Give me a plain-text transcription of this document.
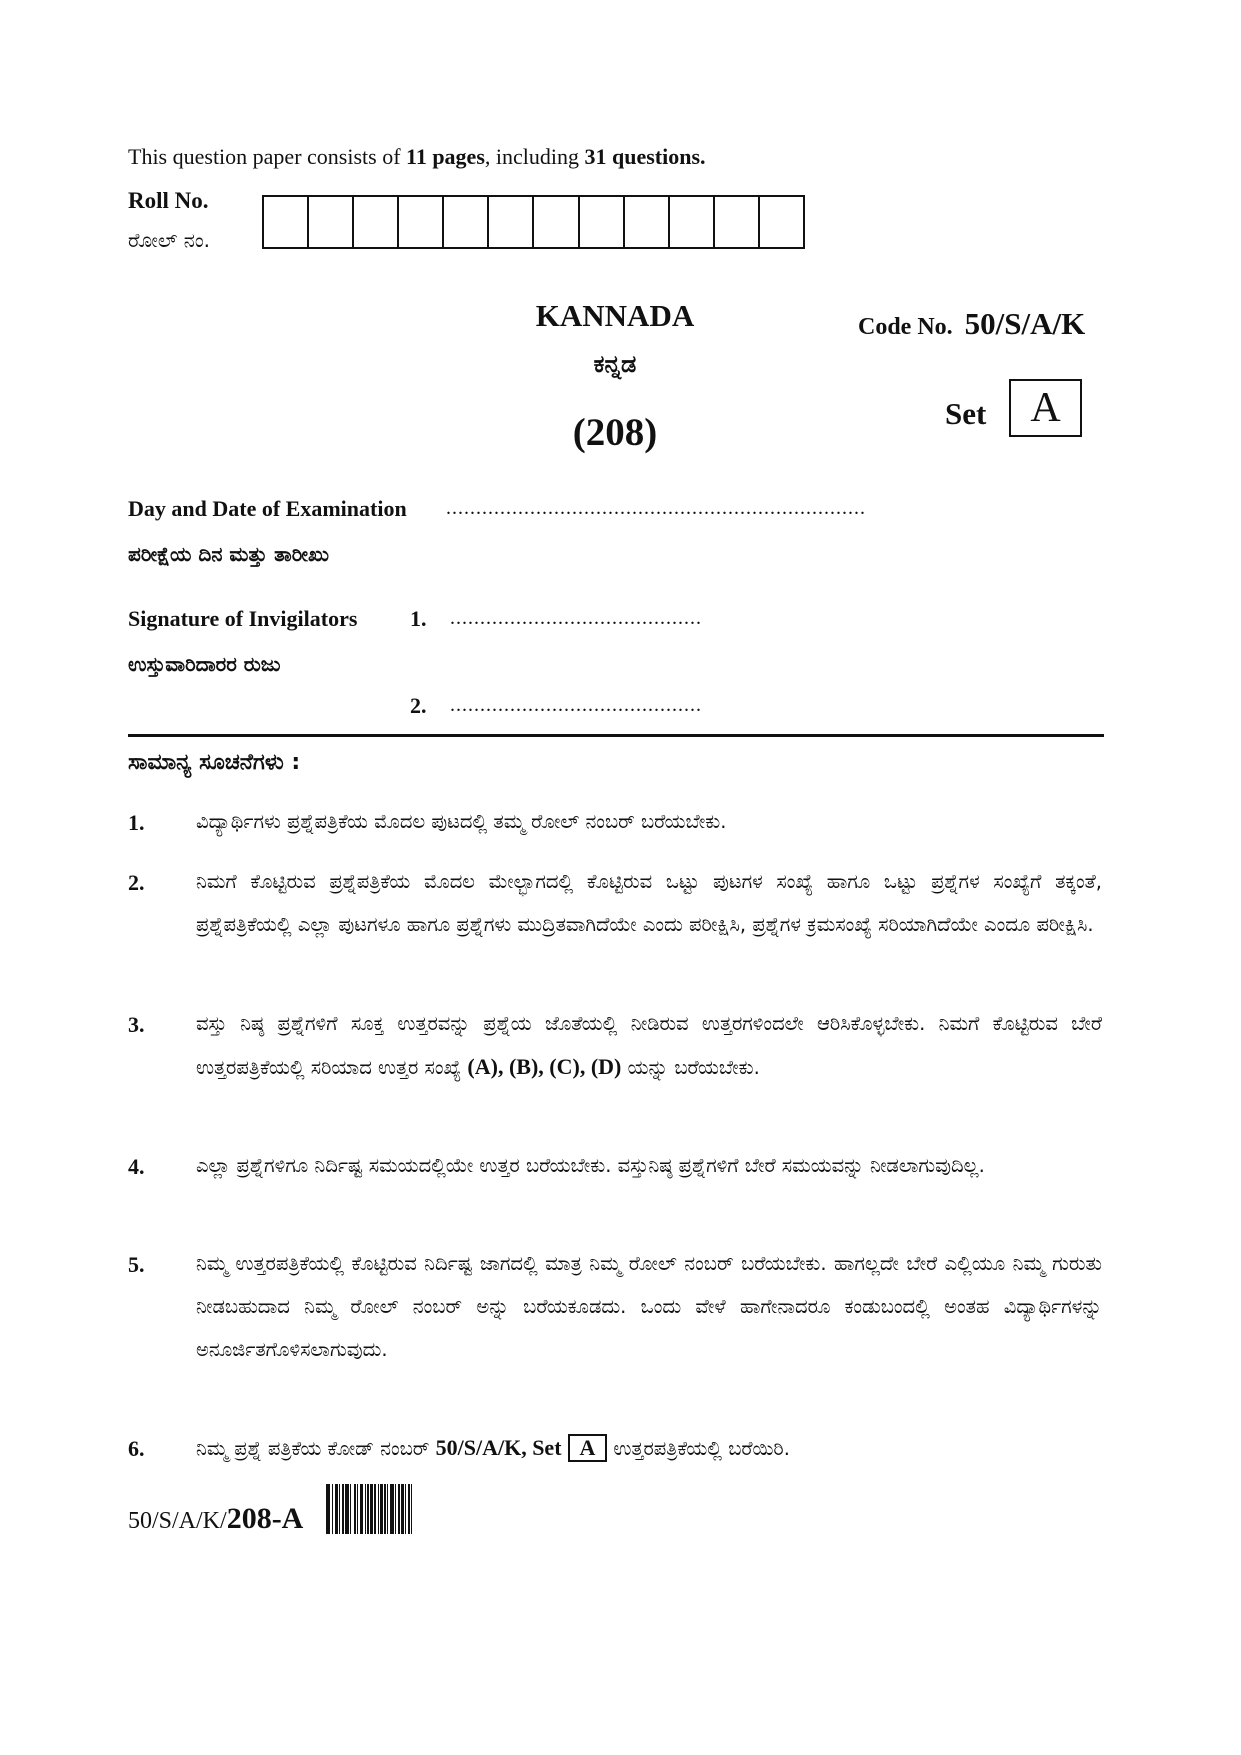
This question paper consists of 11 pages, including 31 questions.
Roll No.
ರೋಲ್ ನಂ.
KANNADA
ಕನ್ನಡ
(208)
Code No. 50/S/A/K
Set	A
Day and Date of Examination ......................................................................
ಪರೀಕ್ಷೆಯ ದಿನ ಮತ್ತು ತಾರೀಖು
Signature of Invigilators 1. ..........................................
ಉಸ್ತುವಾರಿದಾರರ ರುಜು
2. ..........................................
ಸಾಮಾನ್ಯ ಸೂಚನೆಗಳು :
1.	ವಿದ್ಯಾರ್ಥಿಗಳು ಪ್ರಶ್ನೆಪತ್ರಿಕೆಯ ಮೊದಲ ಪುಟದಲ್ಲಿ ತಮ್ಮ ರೋಲ್ ನಂಬರ್ ಬರೆಯಬೇಕು.
2.	ನಿಮಗೆ ಕೊಟ್ಟಿರುವ ಪ್ರಶ್ನೆಪತ್ರಿಕೆಯ ಮೊದಲ ಮೇಲ್ಭಾಗದಲ್ಲಿ ಕೊಟ್ಟಿರುವ ಒಟ್ಟು ಪುಟಗಳ ಸಂಖ್ಯೆ ಹಾಗೂ ಒಟ್ಟು ಪ್ರಶ್ನೆಗಳ ಸಂಖ್ಯೆಗೆ ತಕ್ಕಂತೆ, ಪ್ರಶ್ನೆಪತ್ರಿಕೆಯಲ್ಲಿ ಎಲ್ಲಾ ಪುಟಗಳೂ ಹಾಗೂ ಪ್ರಶ್ನೆಗಳು ಮುದ್ರಿತವಾಗಿದೆಯೇ ಎಂದು ಪರೀಕ್ಷಿಸಿ, ಪ್ರಶ್ನೆಗಳ ಕ್ರಮಸಂಖ್ಯೆ ಸರಿಯಾಗಿದೆಯೇ ಎಂದೂ ಪರೀಕ್ಷಿಸಿ.
3.	ವಸ್ತು ನಿಷ್ಠ ಪ್ರಶ್ನೆಗಳಿಗೆ ಸೂಕ್ತ ಉತ್ತರವನ್ನು ಪ್ರಶ್ನೆಯ ಜೊತೆಯಲ್ಲಿ ನೀಡಿರುವ ಉತ್ತರಗಳಿಂದಲೇ ಆರಿಸಿಕೊಳ್ಳಬೇಕು. ನಿಮಗೆ ಕೊಟ್ಟಿರುವ ಬೇರೆ ಉತ್ತರಪತ್ರಿಕೆಯಲ್ಲಿ ಸರಿಯಾದ ಉತ್ತರ ಸಂಖ್ಯೆ (A), (B), (C), (D) ಯನ್ನು ಬರೆಯಬೇಕು.
4.	ಎಲ್ಲಾ ಪ್ರಶ್ನೆಗಳಿಗೂ ನಿರ್ದಿಷ್ಟ ಸಮಯದಲ್ಲಿಯೇ ಉತ್ತರ ಬರೆಯಬೇಕು. ವಸ್ತುನಿಷ್ಠ ಪ್ರಶ್ನೆಗಳಿಗೆ ಬೇರೆ ಸಮಯವನ್ನು ನೀಡಲಾಗುವುದಿಲ್ಲ.
5.	ನಿಮ್ಮ ಉತ್ತರಪತ್ರಿಕೆಯಲ್ಲಿ ಕೊಟ್ಟಿರುವ ನಿರ್ದಿಷ್ಟ ಜಾಗದಲ್ಲಿ ಮಾತ್ರ ನಿಮ್ಮ ರೋಲ್ ನಂಬರ್ ಬರೆಯಬೇಕು. ಹಾಗಲ್ಲದೇ ಬೇರೆ ಎಲ್ಲಿಯೂ ನಿಮ್ಮ ಗುರುತು ನೀಡಬಹುದಾದ ನಿಮ್ಮ ರೋಲ್ ನಂಬರ್ ಅನ್ನು ಬರೆಯಕೂಡದು. ಒಂದು ವೇಳೆ ಹಾಗೇನಾದರೂ ಕಂಡುಬಂದಲ್ಲಿ ಅಂತಹ ವಿದ್ಯಾರ್ಥಿಗಳನ್ನು ಅನೂರ್ಜಿತಗೊಳಿಸಲಾಗುವುದು.
6.	ನಿಮ್ಮ ಪ್ರಶ್ನೆ ಪತ್ರಿಕೆಯ ಕೋಡ್ ನಂಬರ್ 50/S/A/K, Set A ಉತ್ತರಪತ್ರಿಕೆಯಲ್ಲಿ ಬರೆಯಿರಿ.
50/S/A/K/208-A
